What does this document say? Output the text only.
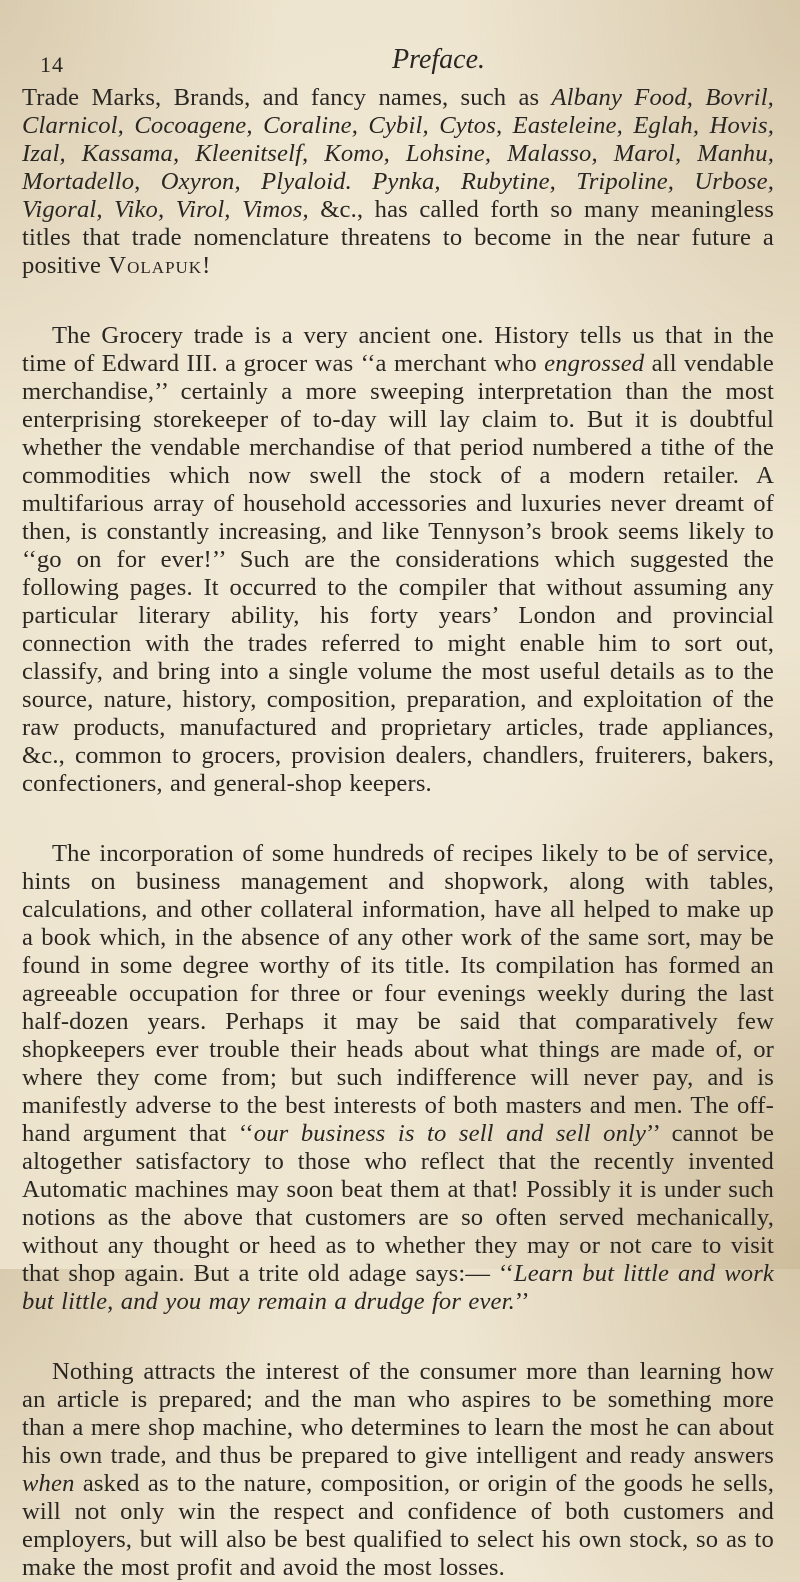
14	Preface.

Trade Marks, Brands, and fancy names, such as Albany Food, Bovril, Clarnicol, Cocoagene, Coraline, Cybil, Cytos, Easteleine, Eglah, Hovis, Izal, Kassama, Kleenitself, Komo, Lohsine, Malasso, Marol, Manhu, Mortadello, Oxyron, Plyaloid. Pynka, Rubytine, Tripoline, Urbose, Vigoral, Viko, Virol, Vimos, &c., has called forth so many meaningless titles that trade nomenclature threatens to become in the near future a positive Volapuk!

The Grocery trade is a very ancient one. History tells us that in the time of Edward III. a grocer was ‘‘a merchant who engrossed all vendable merchandise,’’ certainly a more sweeping interpretation than the most enterprising storekeeper of to-day will lay claim to. But it is doubtful whether the vendable merchandise of that period numbered a tithe of the commodities which now swell the stock of a modern retailer. A multifarious array of household accessories and luxuries never dreamt of then, is constantly increasing, and like Tennyson’s brook seems likely to ‘‘go on for ever!’’ Such are the considerations which suggested the following pages. It occurred to the compiler that without assuming any particular literary ability, his forty years’ London and provincial connection with the trades referred to might enable him to sort out, classify, and bring into a single volume the most useful details as to the source, nature, history, composition, preparation, and exploitation of the raw products, manufactured and proprietary articles, trade appliances, &c., common to grocers, provision dealers, chandlers, fruiterers, bakers, confectioners, and general-shop keepers.

The incorporation of some hundreds of recipes likely to be of service, hints on business management and shopwork, along with tables, calculations, and other collateral information, have all helped to make up a book which, in the absence of any other work of the same sort, may be found in some degree worthy of its title. Its compilation has formed an agreeable occupation for three or four evenings weekly during the last half-dozen years. Perhaps it may be said that comparatively few shopkeepers ever trouble their heads about what things are made of, or where they come from; but such indifference will never pay, and is manifestly adverse to the best interests of both masters and men. The off-hand argument that ‘‘our business is to sell and sell only’’ cannot be altogether satisfactory to those who reflect that the recently invented Automatic machines may soon beat them at that! Possibly it is under such notions as the above that customers are so often served mechanically, without any thought or heed as to whether they may or not care to visit that shop again. But a trite old adage says:— ‘‘Learn but little and work but little, and you may remain a drudge for ever.’’

Nothing attracts the interest of the consumer more than learning how an article is prepared; and the man who aspires to be something more than a mere shop machine, who determines to learn the most he can about his own trade, and thus be prepared to give intelligent and ready answers when asked as to the nature, composition, or origin of the goods he sells, will not only win the respect and confidence of both customers and employers, but will also be best qualified to select his own stock, so as to make the most profit and avoid the most losses.
